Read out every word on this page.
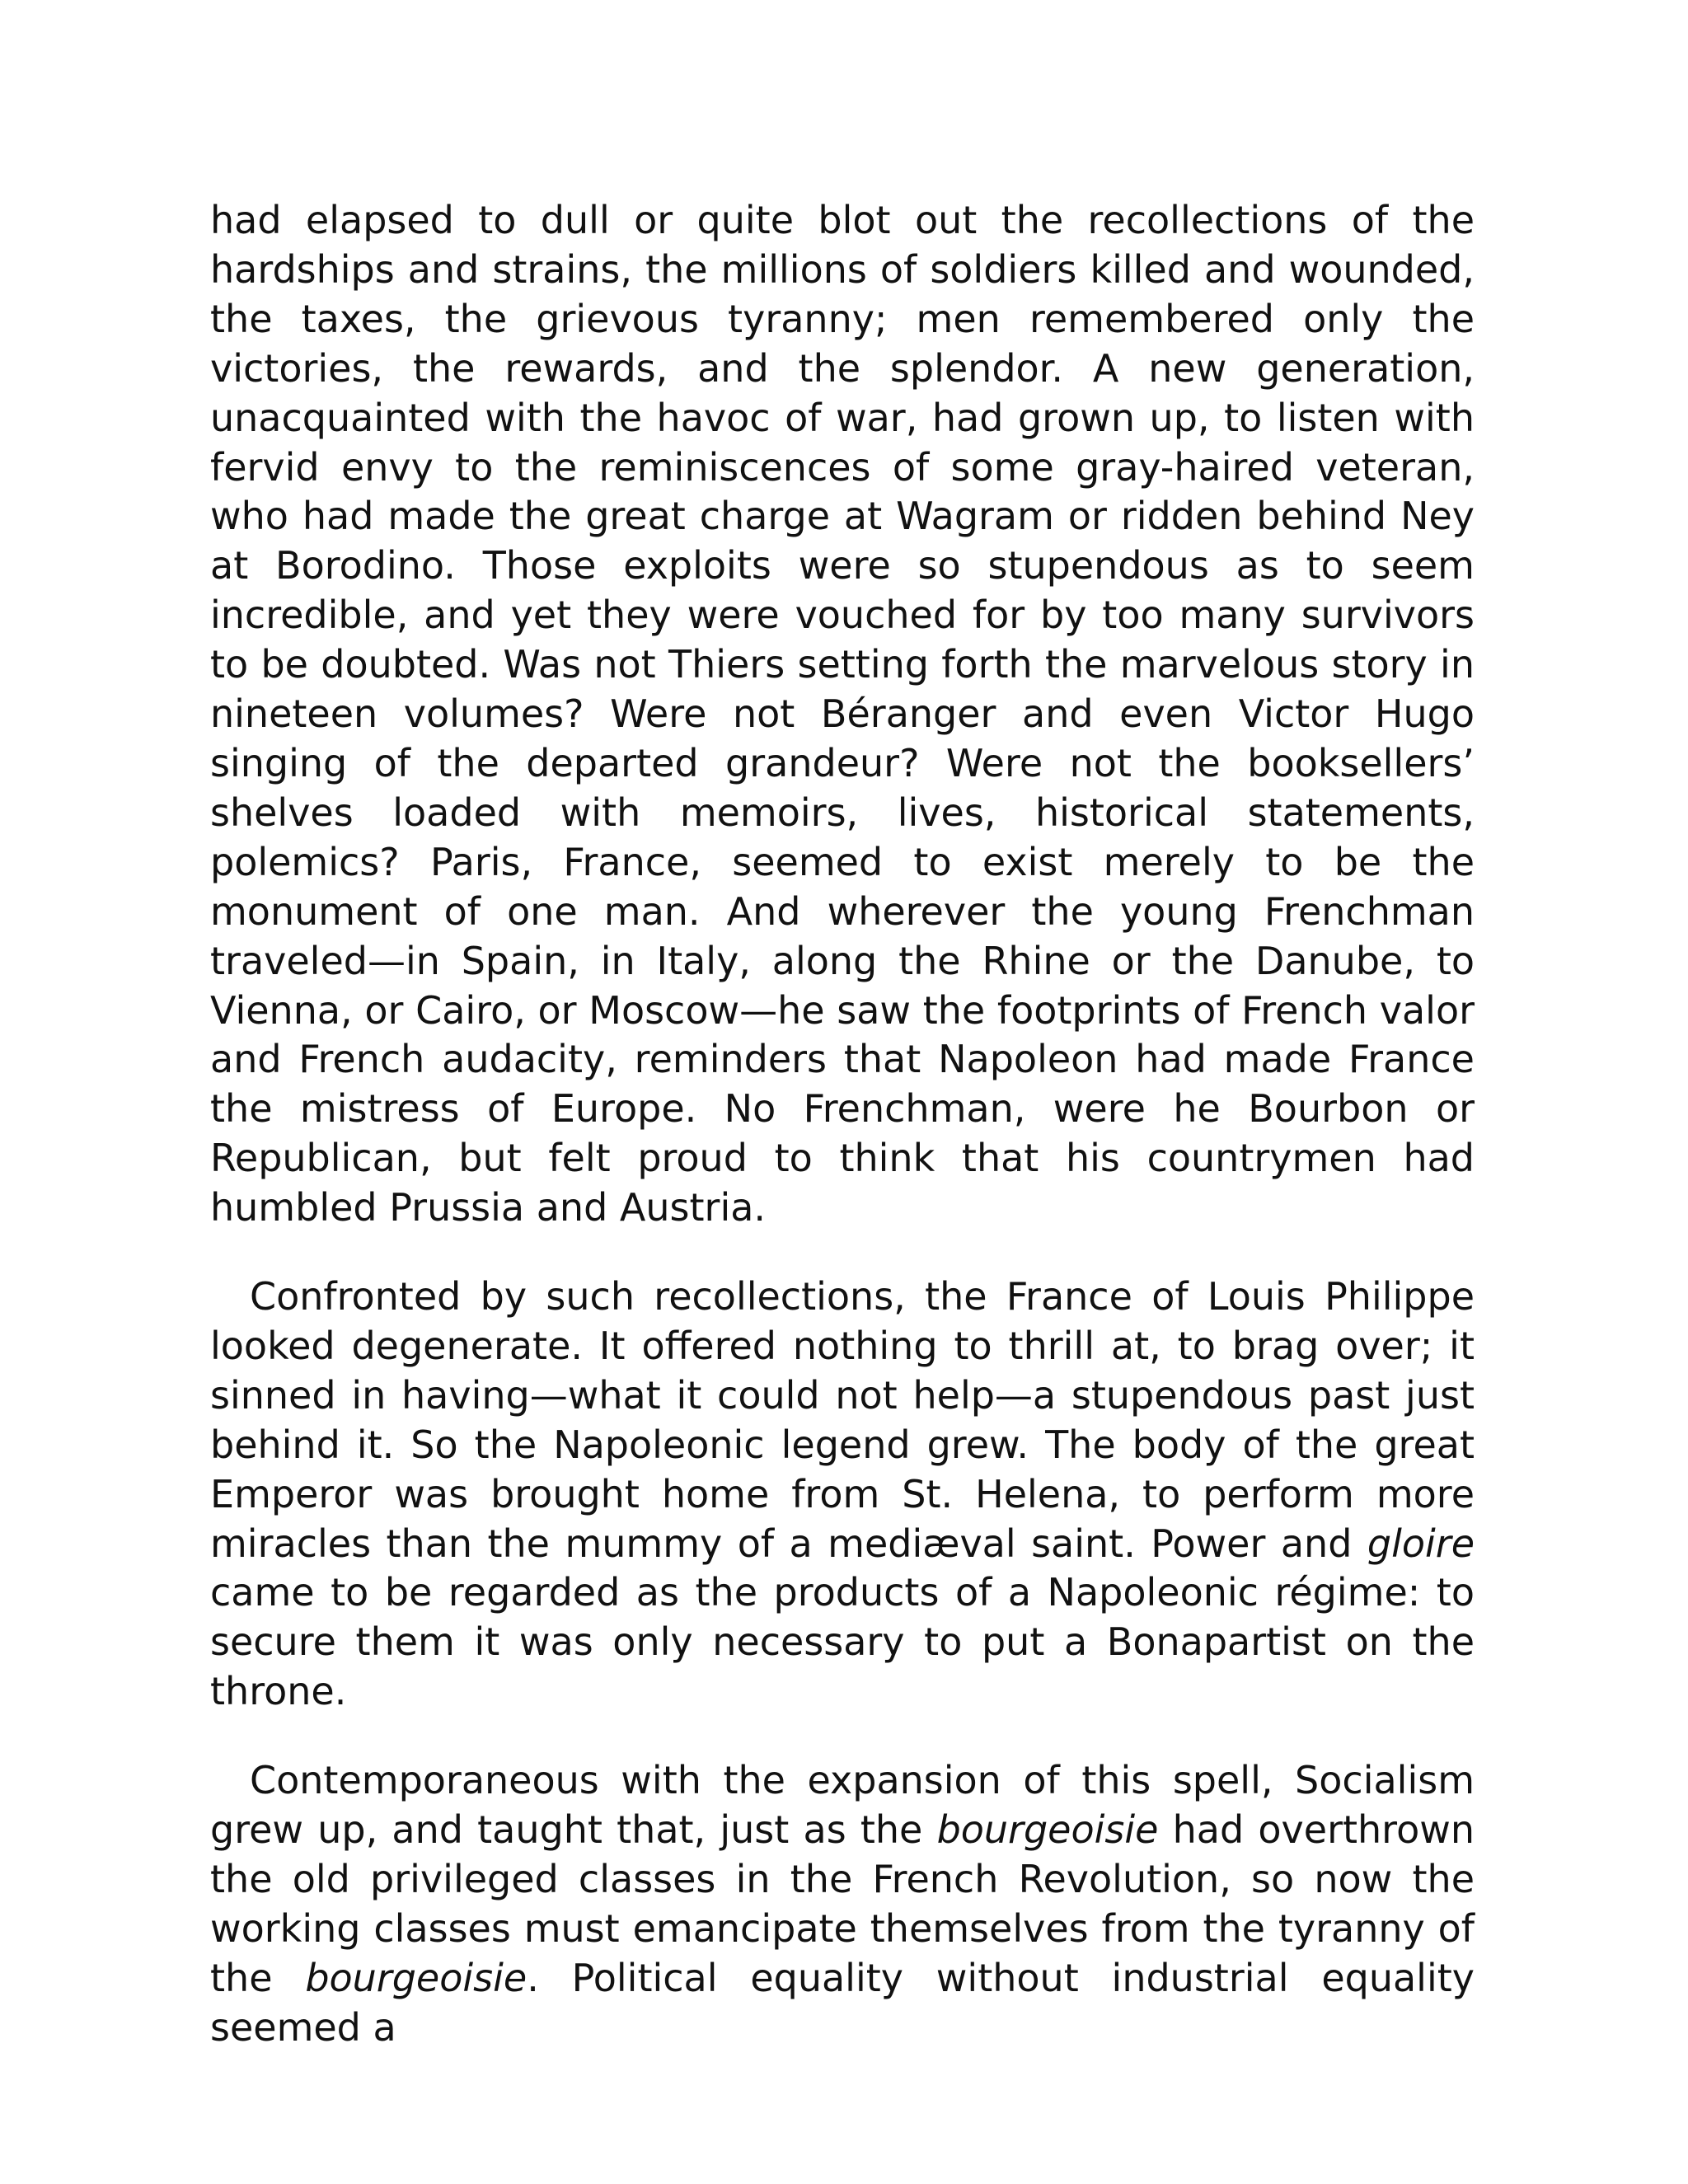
had elapsed to dull or quite blot out the recollections of the hardships and strains, the millions of soldiers killed and wounded, the taxes, the grievous tyranny; men remembered only the victories, the rewards, and the splendor. A new generation, unacquainted with the havoc of war, had grown up, to listen with fervid envy to the reminiscences of some gray-haired veteran, who had made the great charge at Wagram or ridden behind Ney at Borodino. Those exploits were so stupendous as to seem incredible, and yet they were vouched for by too many survivors to be doubted. Was not Thiers setting forth the marvelous story in nineteen volumes? Were not Béranger and even Victor Hugo singing of the departed grandeur? Were not the booksellers’ shelves loaded with memoirs, lives, historical statements, polemics? Paris, France, seemed to exist merely to be the monument of one man. And wherever the young Frenchman traveled—in Spain, in Italy, along the Rhine or the Danube, to Vienna, or Cairo, or Moscow—he saw the footprints of French valor and French audacity, reminders that Napoleon had made France the mistress of Europe. No Frenchman, were he Bourbon or Republican, but felt proud to think that his countrymen had humbled Prussia and Austria.

Confronted by such recollections, the France of Louis Philippe looked degenerate. It offered nothing to thrill at, to brag over; it sinned in having—what it could not help—a stupendous past just behind it. So the Napoleonic legend grew. The body of the great Emperor was brought home from St. Helena, to perform more miracles than the mummy of a mediæval saint. Power and gloire came to be regarded as the products of a Napoleonic régime: to secure them it was only necessary to put a Bonapartist on the throne.

Contemporaneous with the expansion of this spell, Socialism grew up, and taught that, just as the bourgeoisie had overthrown the old privileged classes in the French Revolution, so now the working classes must emancipate themselves from the tyranny of the bourgeoisie. Political equality without industrial equality seemed a
